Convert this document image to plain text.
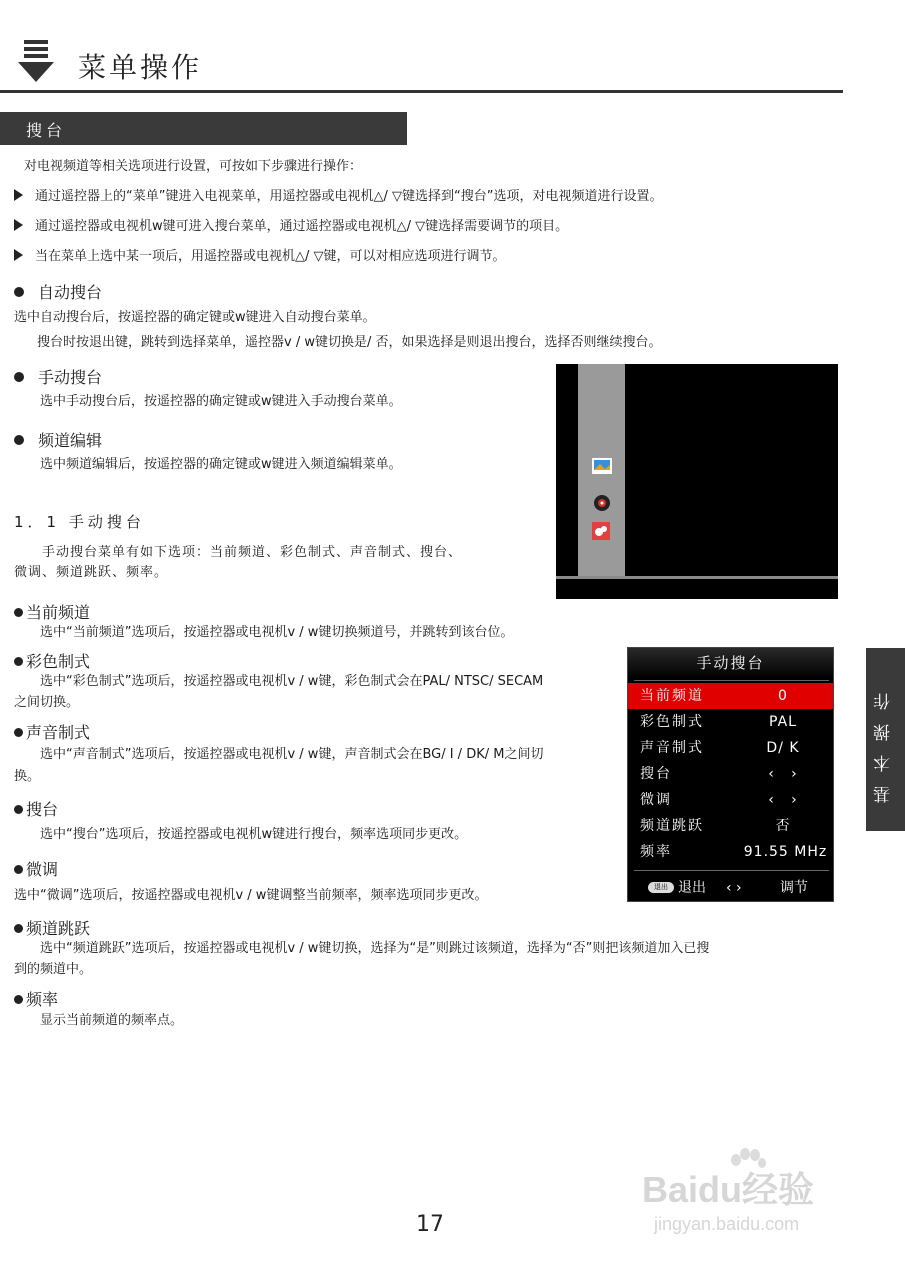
菜单操作
搜台
对电视频道等相关选项进行设置，可按如下步骤进行操作：
通过遥控器上的“菜单”键进入电视菜单，用遥控器或电视机△/ ▽键选择到“搜台”选项，对电视频道进行设置。
通过遥控器或电视机w键可进入搜台菜单，通过遥控器或电视机△/ ▽键选择需要调节的项目。
当在菜单上选中某一项后，用遥控器或电视机△/ ▽键，可以对相应选项进行调节。
自动搜台
选中自动搜台后，按遥控器的确定键或w键进入自动搜台菜单。
搜台时按退出键，跳转到选择菜单，遥控器v / w键切换是/ 否，如果选择是则退出搜台，选择否则继续搜台。
手动搜台
选中手动搜台后，按遥控器的确定键或w键进入手动搜台菜单。
频道编辑
选中频道编辑后，按遥控器的确定键或w键进入频道编辑菜单。
1．1 手动搜台
手动搜台菜单有如下选项：当前频道、彩色制式、声音制式、搜台、
微调、频道跳跃、频率。
当前频道
选中“当前频道”选项后，按遥控器或电视机v / w键切换频道号，并跳转到该台位。
彩色制式
选中“彩色制式”选项后，按遥控器或电视机v / w键，彩色制式会在PAL/ NTSC/ SECAM
之间切换。
声音制式
选中“声音制式”选项后，按遥控器或电视机v / w键，声音制式会在BG/ I / DK/ M之间切
换。
搜台
选中“搜台”选项后，按遥控器或电视机w键进行搜台，频率选项同步更改。
微调
选中“微调”选项后，按遥控器或电视机v / w键调整当前频率，频率选项同步更改。
频道跳跃
选中“频道跳跃”选项后，按遥控器或电视机v / w键切换，选择为“是”则跳过该频道，选择为“否”则把该频道加入已搜
到的频道中。
频率
显示当前频道的频率点。
手动搜台
当前频道	0
彩色制式	PAL
声音制式	D/ K
搜台	‹   ›
微调	‹   ›
频道跳跃	否
频率	91.55 MHz
退出 退出 ‹ ›	调节
基本操作
17
Baidu经验
jingyan.baidu.com
